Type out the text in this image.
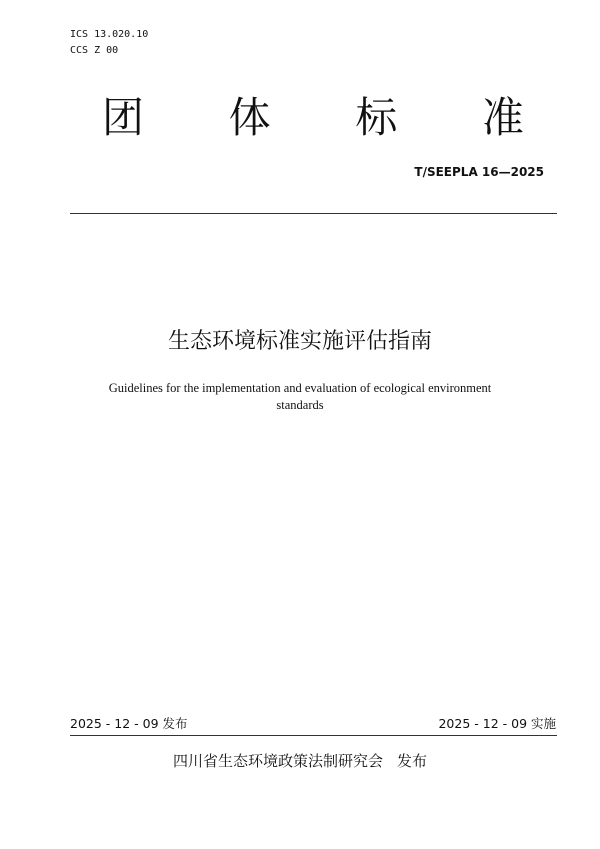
ICS 13.020.10
CCS Z 00
团 体 标 准
T/SEEPLA 16—2025
生态环境标准实施评估指南
Guidelines for the implementation and evaluation of ecological environment standards
2025 - 12 - 09 发布	2025 - 12 - 09 实施
四川省生态环境政策法制研究会 发布
